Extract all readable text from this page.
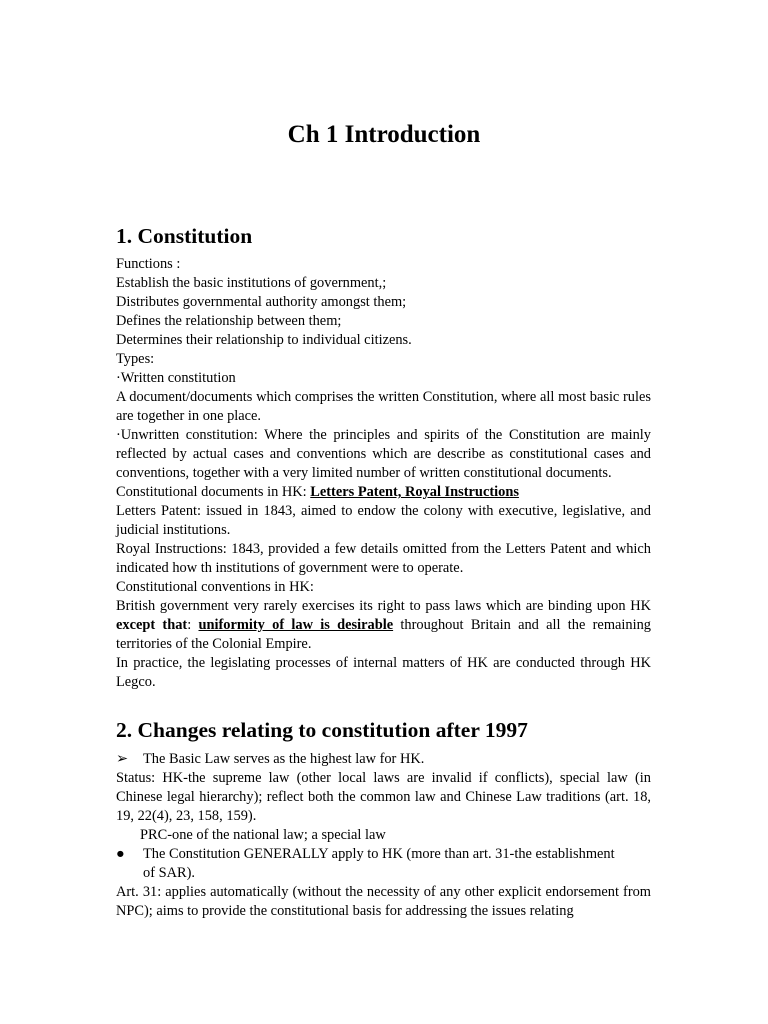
Ch 1 Introduction
1. Constitution

Functions :

Establish the basic institutions of government,;

Distributes governmental authority amongst them;

Defines the relationship between them;

Determines their relationship to individual citizens.

Types:

·Written constitution

A document/documents which comprises the written Constitution, where all most basic rules are together in one place.

·Unwritten constitution: Where the principles and spirits of the Constitution are mainly reflected by actual cases and conventions which are describe as constitutional cases and conventions, together with a very limited number of written constitutional documents.

Constitutional documents in HK: Letters Patent, Royal Instructions

Letters Patent: issued in 1843, aimed to endow the colony with executive, legislative, and judicial institutions.

Royal Instructions: 1843, provided a few details omitted from the Letters Patent and which indicated how th institutions of government were to operate.

Constitutional conventions in HK:

British government very rarely exercises its right to pass laws which are binding upon HK except that: uniformity of law is desirable throughout Britain and all the remaining territories of the Colonial Empire.

In practice, the legislating processes of internal matters of HK are conducted through HK Legco.

2. Changes relating to constitution after 1997
➢	The Basic Law serves as the highest law for HK.

Status: HK-the supreme law (other local laws are invalid if conflicts), special law (in Chinese legal hierarchy); reflect both the common law and Chinese Law traditions (art. 18, 19, 22(4), 23, 158, 159).

PRC-one of the national law; a special law

●	The Constitution GENERALLY apply to HK (more than art. 31-the establishment

of SAR).

Art. 31: applies automatically (without the necessity of any other explicit endorsement from NPC); aims to provide the constitutional basis for addressing the issues relating
